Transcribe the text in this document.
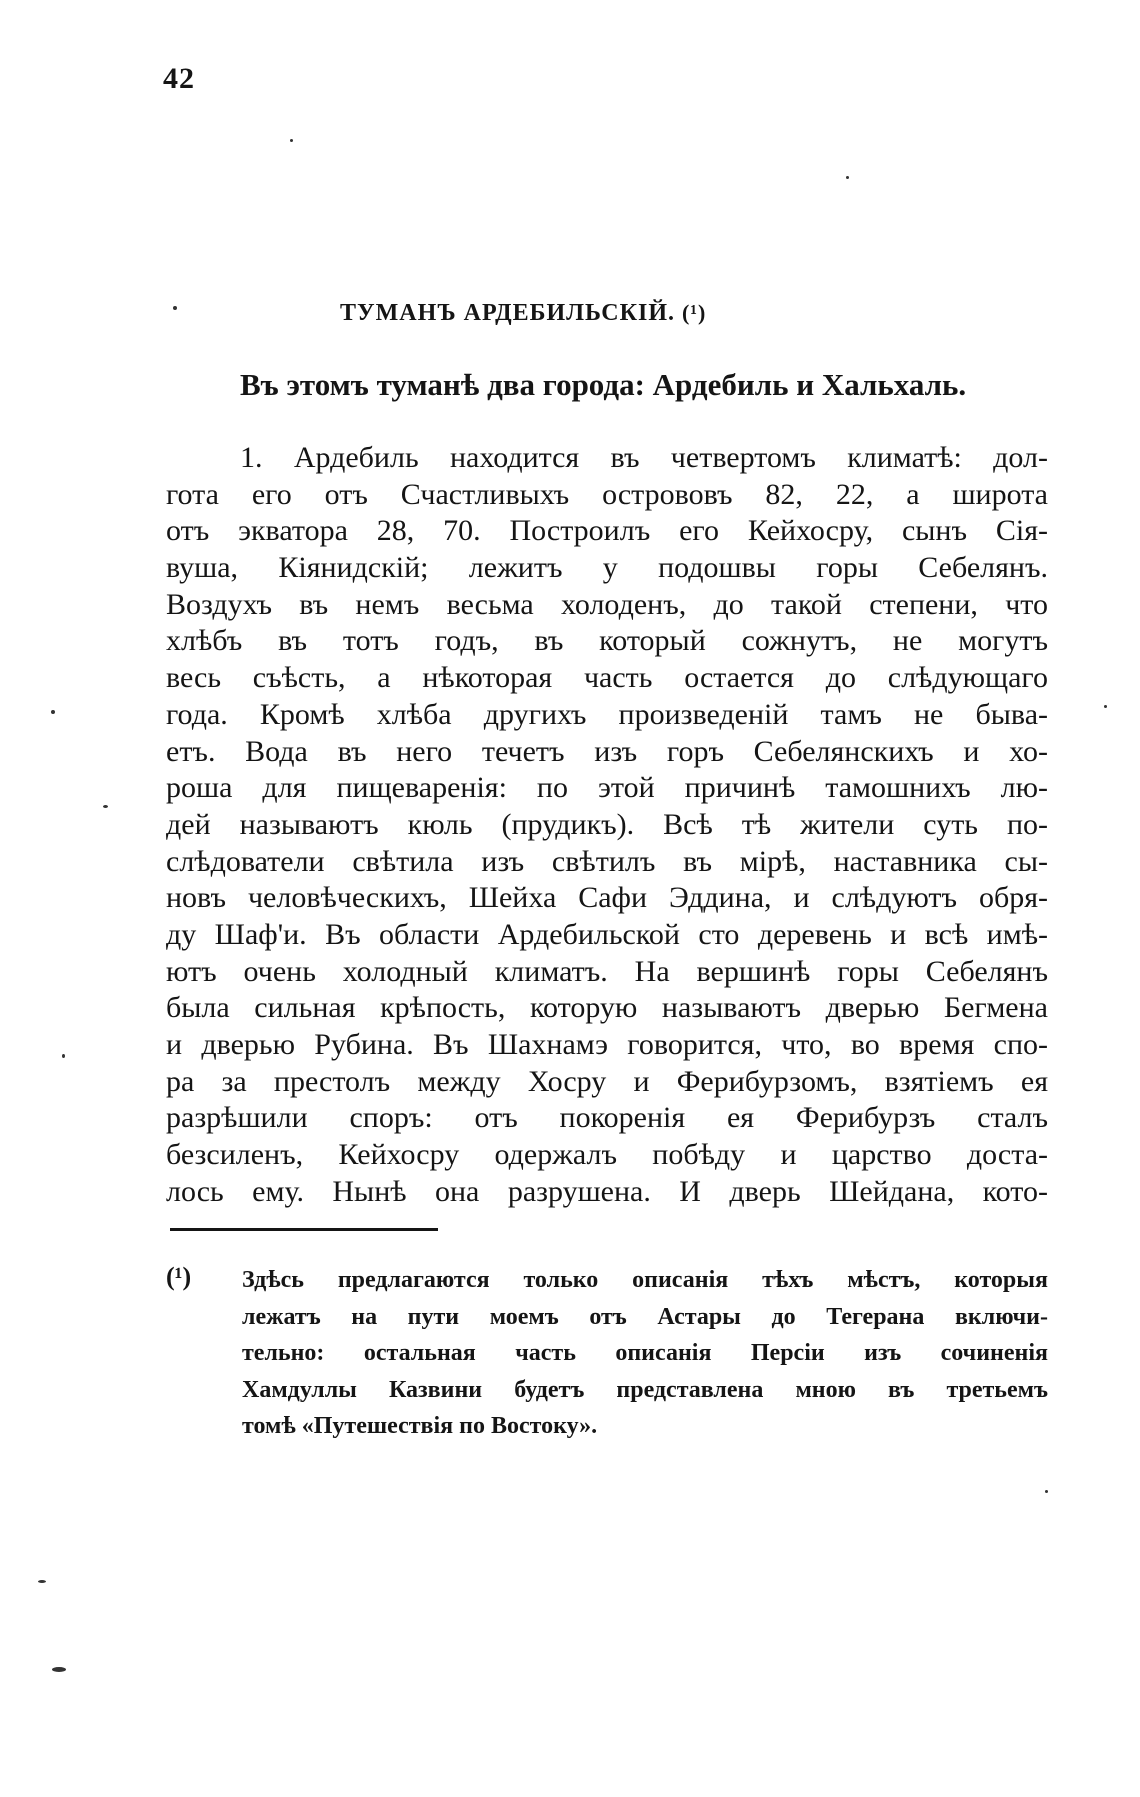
42
ТУМАНЪ АРДЕБИЛЬСКІЙ. (¹)
Въ этомъ туманѣ два города: Ардебиль и Хальхаль.
1. Ардебиль находится въ четвертомъ климатѣ: дол-
гота его отъ Счастливыхъ острововъ 82, 22, а широта
отъ экватора 28, 70. Построилъ его Кейхосру, сынъ Сія-
вуша, Кіянидскій; лежитъ у подошвы горы Себелянъ.
Воздухъ въ немъ весьма холоденъ, до такой степени, что
хлѣбъ въ тотъ годъ, въ который сожнутъ, не могутъ
весь съѣсть, а нѣкоторая часть остается до слѣдующаго
года. Кромѣ хлѣба другихъ произведеній тамъ не быва-
етъ. Вода въ него течетъ изъ горъ Себелянскихъ и хо-
роша для пищеваренія: по этой причинѣ тамошнихъ лю-
дей называютъ кюль (прудикъ). Всѣ тѣ жители суть по-
слѣдователи свѣтила изъ свѣтилъ въ мірѣ, наставника сы-
новъ человѣческихъ, Шейха Сафи Эддина, и слѣдуютъ обря-
ду Шаф'и. Въ области Ардебильской сто деревень и всѣ имѣ-
ютъ очень холодный климатъ. На вершинѣ горы Себелянъ
была сильная крѣпость, которую называютъ дверью Бегмена
и дверью Рубина. Въ Шахнамэ говорится, что, во время спо-
ра за престолъ между Хосру и Ферибурзомъ, взятіемъ ея
разрѣшили споръ: отъ покоренія ея Ферибурзъ сталъ
безсиленъ, Кейхосру одержалъ побѣду и царство доста-
лось ему. Нынѣ она разрушена. И дверь Шейдана, кото-
(¹) Здѣсь предлагаются только описанія тѣхъ мѣстъ, которыя
лежатъ на пути моемъ отъ Астары до Тегерана включи-
тельно: остальная часть описанія Персіи изъ сочиненія
Хамдуллы Казвини будетъ представлена мною въ третьемъ
томѣ «Путешествія по Востоку».
